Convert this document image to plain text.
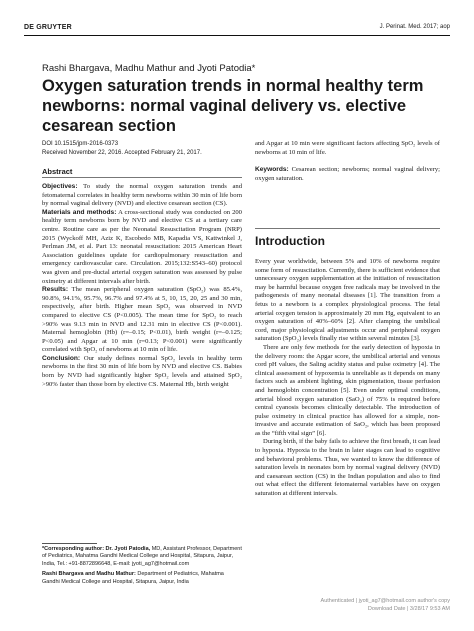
DE GRUYTER	J. Perinat. Med. 2017; aop
Rashi Bhargava, Madhu Mathur and Jyoti Patodia*
Oxygen saturation trends in normal healthy term newborns: normal vaginal delivery vs. elective cesarean section
DOI 10.1515/jpm-2016-0373
Received November 22, 2016. Accepted February 21, 2017.
Abstract

Objectives: To study the normal oxygen saturation trends and fetomaternal correlates in healthy term newborns within 30 min of life born by normal vaginal delivery (NVD) and elective cesarean section (CS).

Materials and methods: A cross-sectional study was conducted on 200 healthy term newborns born by NVD and elective CS at a tertiary care centre. Routine care as per the Neonatal Resuscitation Program (NRP) 2015 (Wyckoff MH, Aziz K, Escobedo MB, Kapadia VS, Kattwinkel J, Perlman JM, et al. Part 13: neonatal resuscitation: 2015 American Heart Association guidelines update for cardiopulmonary resuscitation and emergency cardiovascular care. Circulation. 2015;132:S543–60) protocol was given and pre-ductal arterial oxygen saturation was assessed by pulse oximetry at different intervals after birth.

Results: The mean peripheral oxygen saturation (SpO₂) was 85.4%, 90.8%, 94.1%, 95.7%, 96.7% and 97.4% at 5, 10, 15, 20, 25 and 30 min, respectively, after birth. Higher mean SpO₂ was observed in NVD compared to elective CS (P<0.005). The mean time for SpO₂ to reach >90% was 9.13 min in NVD and 12.31 min in elective CS (P<0.001). Maternal hemoglobin (Hb) (r=–0.15; P<0.01), birth weight (r=–0.125; P<0.05) and Apgar at 10 min (r=0.13; P<0.001) were significantly correlated with SpO₂ of newborns at 10 min of life.

Conclusion: Our study defines normal SpO₂ levels in healthy term newborns in the first 30 min of life born by NVD and elective CS. Babies born by NVD had significantly higher SpO₂ levels and attained SpO₂ >90% faster than those born by elective CS. Maternal Hb, birth weight

and Apgar at 10 min were significant factors affecting SpO₂ levels of newborns at 10 min of life.

Keywords: Cesarean section; newborns; normal vaginal delivery; oxygen saturation.

Introduction

Every year worldwide, between 5% and 10% of newborns require some form of resuscitation. Currently, there is sufficient evidence that unnecessary oxygen supplementation at the initiation of resuscitation may be harmful because oxygen free radicals may be involved in the pathogenesis of many neonatal diseases [1]. The transition from a fetus to a newborn is a complex physiological process. The fetal arterial oxygen tension is approximately 20 mm Hg, equivalent to an oxygen saturation of 40%–60% [2]. After clamping the umbilical cord, major physiological adjustments occur and peripheral oxygen saturation (SpO₂) levels finally rise within several minutes [3].

There are only few methods for the early detection of hypoxia in the delivery room: the Apgar score, the umbilical arterial and venous cord pH values, the Saling acidity status and pulse oximetry [4]. The clinical assessment of hypoxemia is unreliable as it depends on many factors such as ambient lighting, skin pigmentation, tissue perfusion and hemoglobin concentration [5]. Even under optimal conditions, arterial blood oxygen saturation (SaO₂) of 75% is required before central cyanosis becomes clinically detectable. The introduction of pulse oximetry in clinical practice has allowed for a simple, non-invasive and accurate estimation of SaO₂, which has been proposed as the “fifth vital sign” [6].

During birth, if the baby fails to achieve the first breath, it can lead to hypoxia. Hypoxia to the brain in later stages can lead to cognitive and behavioral problems. Thus, we wanted to know the difference of saturation levels in neonates born by normal vaginal delivery (NVD) and caesarean section (CS) in the Indian population and also to find out what effect the different fetomaternal variables have on oxygen saturation at different intervals.

*Corresponding author: Dr. Jyoti Patodia, MD, Assistant Professor, Department of Pediatrics, Mahatma Gandhi Medical College and Hospital, Sitapura, Jaipur, India, Tel.: +91-8872896648, E-mail: jyoti_ag7@hotmail.com

Rashi Bhargava and Madhu Mathur: Department of Pediatrics, Mahatma Gandhi Medical College and Hospital, Sitapura, Jaipur, India

Authenticated | jyoti_ag7@hotmail.com author's copy
Download Date | 3/28/17 9:53 AM
